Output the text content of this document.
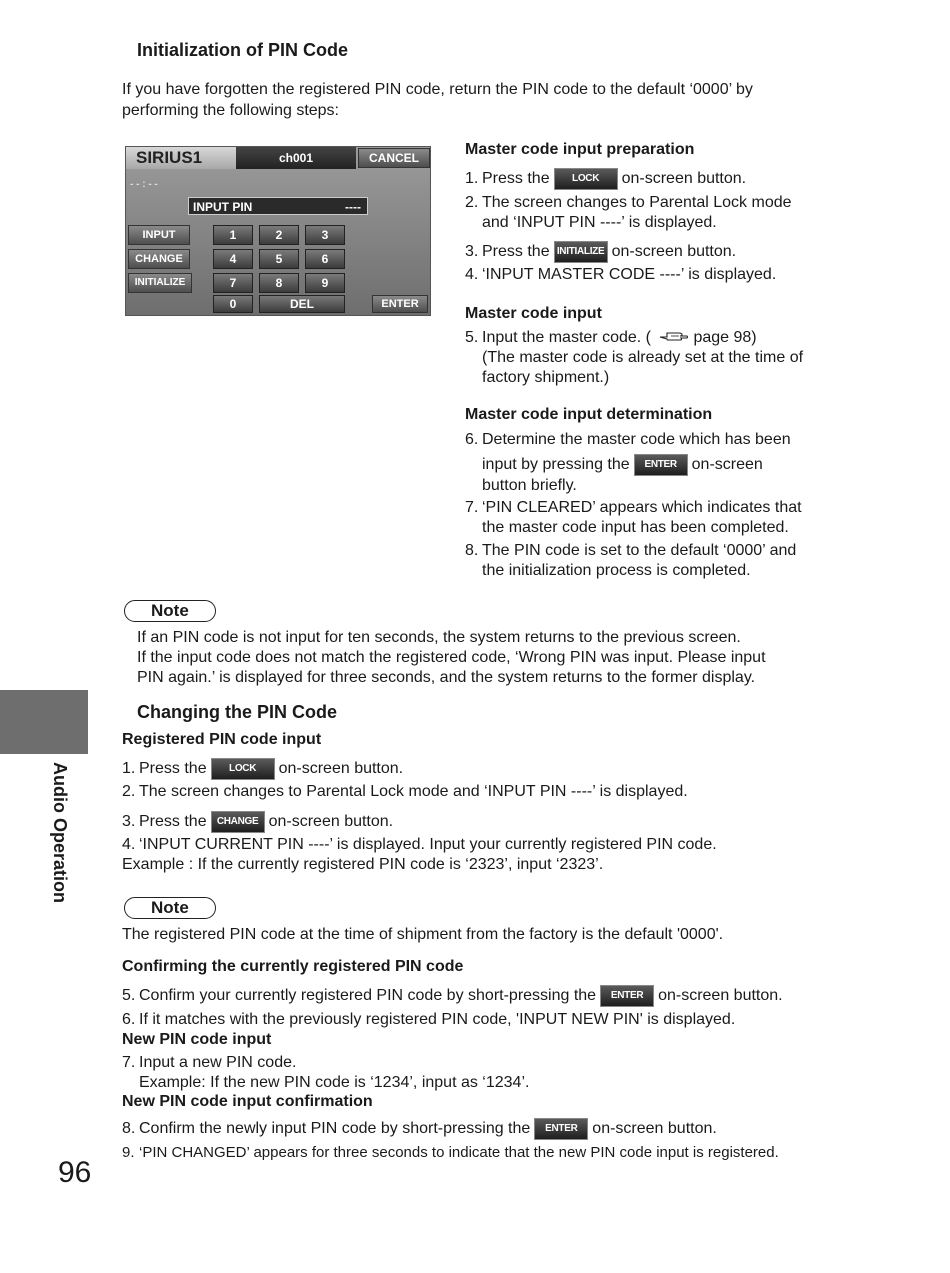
Initialization of PIN Code
If you have forgotten the registered PIN code, return the PIN code to the default ‘0000’ by
performing the following steps:
SIRIUS1	ch001	CANCEL
- - : - -
INPUT PIN	----
INPUT
CHANGE
INITIALIZE
1	2	3
4	5	6
7	8	9
0	DEL	ENTER
Master code input preparation
1. Press the LOCK on-screen button.
2. The screen changes to Parental Lock mode
and ‘INPUT PIN ----’ is displayed.
3. Press the INITIALIZE on-screen button.
4. ‘INPUT MASTER CODE ----’ is displayed.
Master code input
5. Input the master code. (	page 98)
(The master code is already set at the time of
factory shipment.)
Master code input determination
6. Determine the master code which has been
input by pressing the ENTER on-screen
button briefly.
7. ‘PIN CLEARED’ appears which indicates that
the master code input has been completed.
8. The PIN code is set to the default ‘0000’ and
the initialization process is completed.
Note
If an PIN code is not input for ten seconds, the system returns to the previous screen.
If the input code does not match the registered code, ‘Wrong PIN was input. Please input
PIN again.’ is displayed for three seconds, and the system returns to the former display.
Changing the PIN Code
Registered PIN code input
1. Press the LOCK on-screen button.
2. The screen changes to Parental Lock mode and ‘INPUT PIN ----’ is displayed.
3. Press the CHANGE on-screen button.
4. ‘INPUT CURRENT PIN ----’ is displayed. Input your currently registered PIN code.
Example : If the currently registered PIN code is ‘2323’, input ‘2323’.
Note
The registered PIN code at the time of shipment from the factory is the default '0000'.
Confirming the currently registered PIN code
5. Confirm your currently registered PIN code by short-pressing the ENTER on-screen button.
6. If it matches with the previously registered PIN code, 'INPUT NEW PIN' is displayed.
New PIN code input
7. Input a new PIN code.
Example: If the new PIN code is ‘1234’, input as ‘1234’.
New PIN code input confirmation
8. Confirm the newly input PIN code by short-pressing the ENTER on-screen button.
9. ‘PIN CHANGED’ appears for three seconds to indicate that the new PIN code input is registered.
Audio Operation
96
